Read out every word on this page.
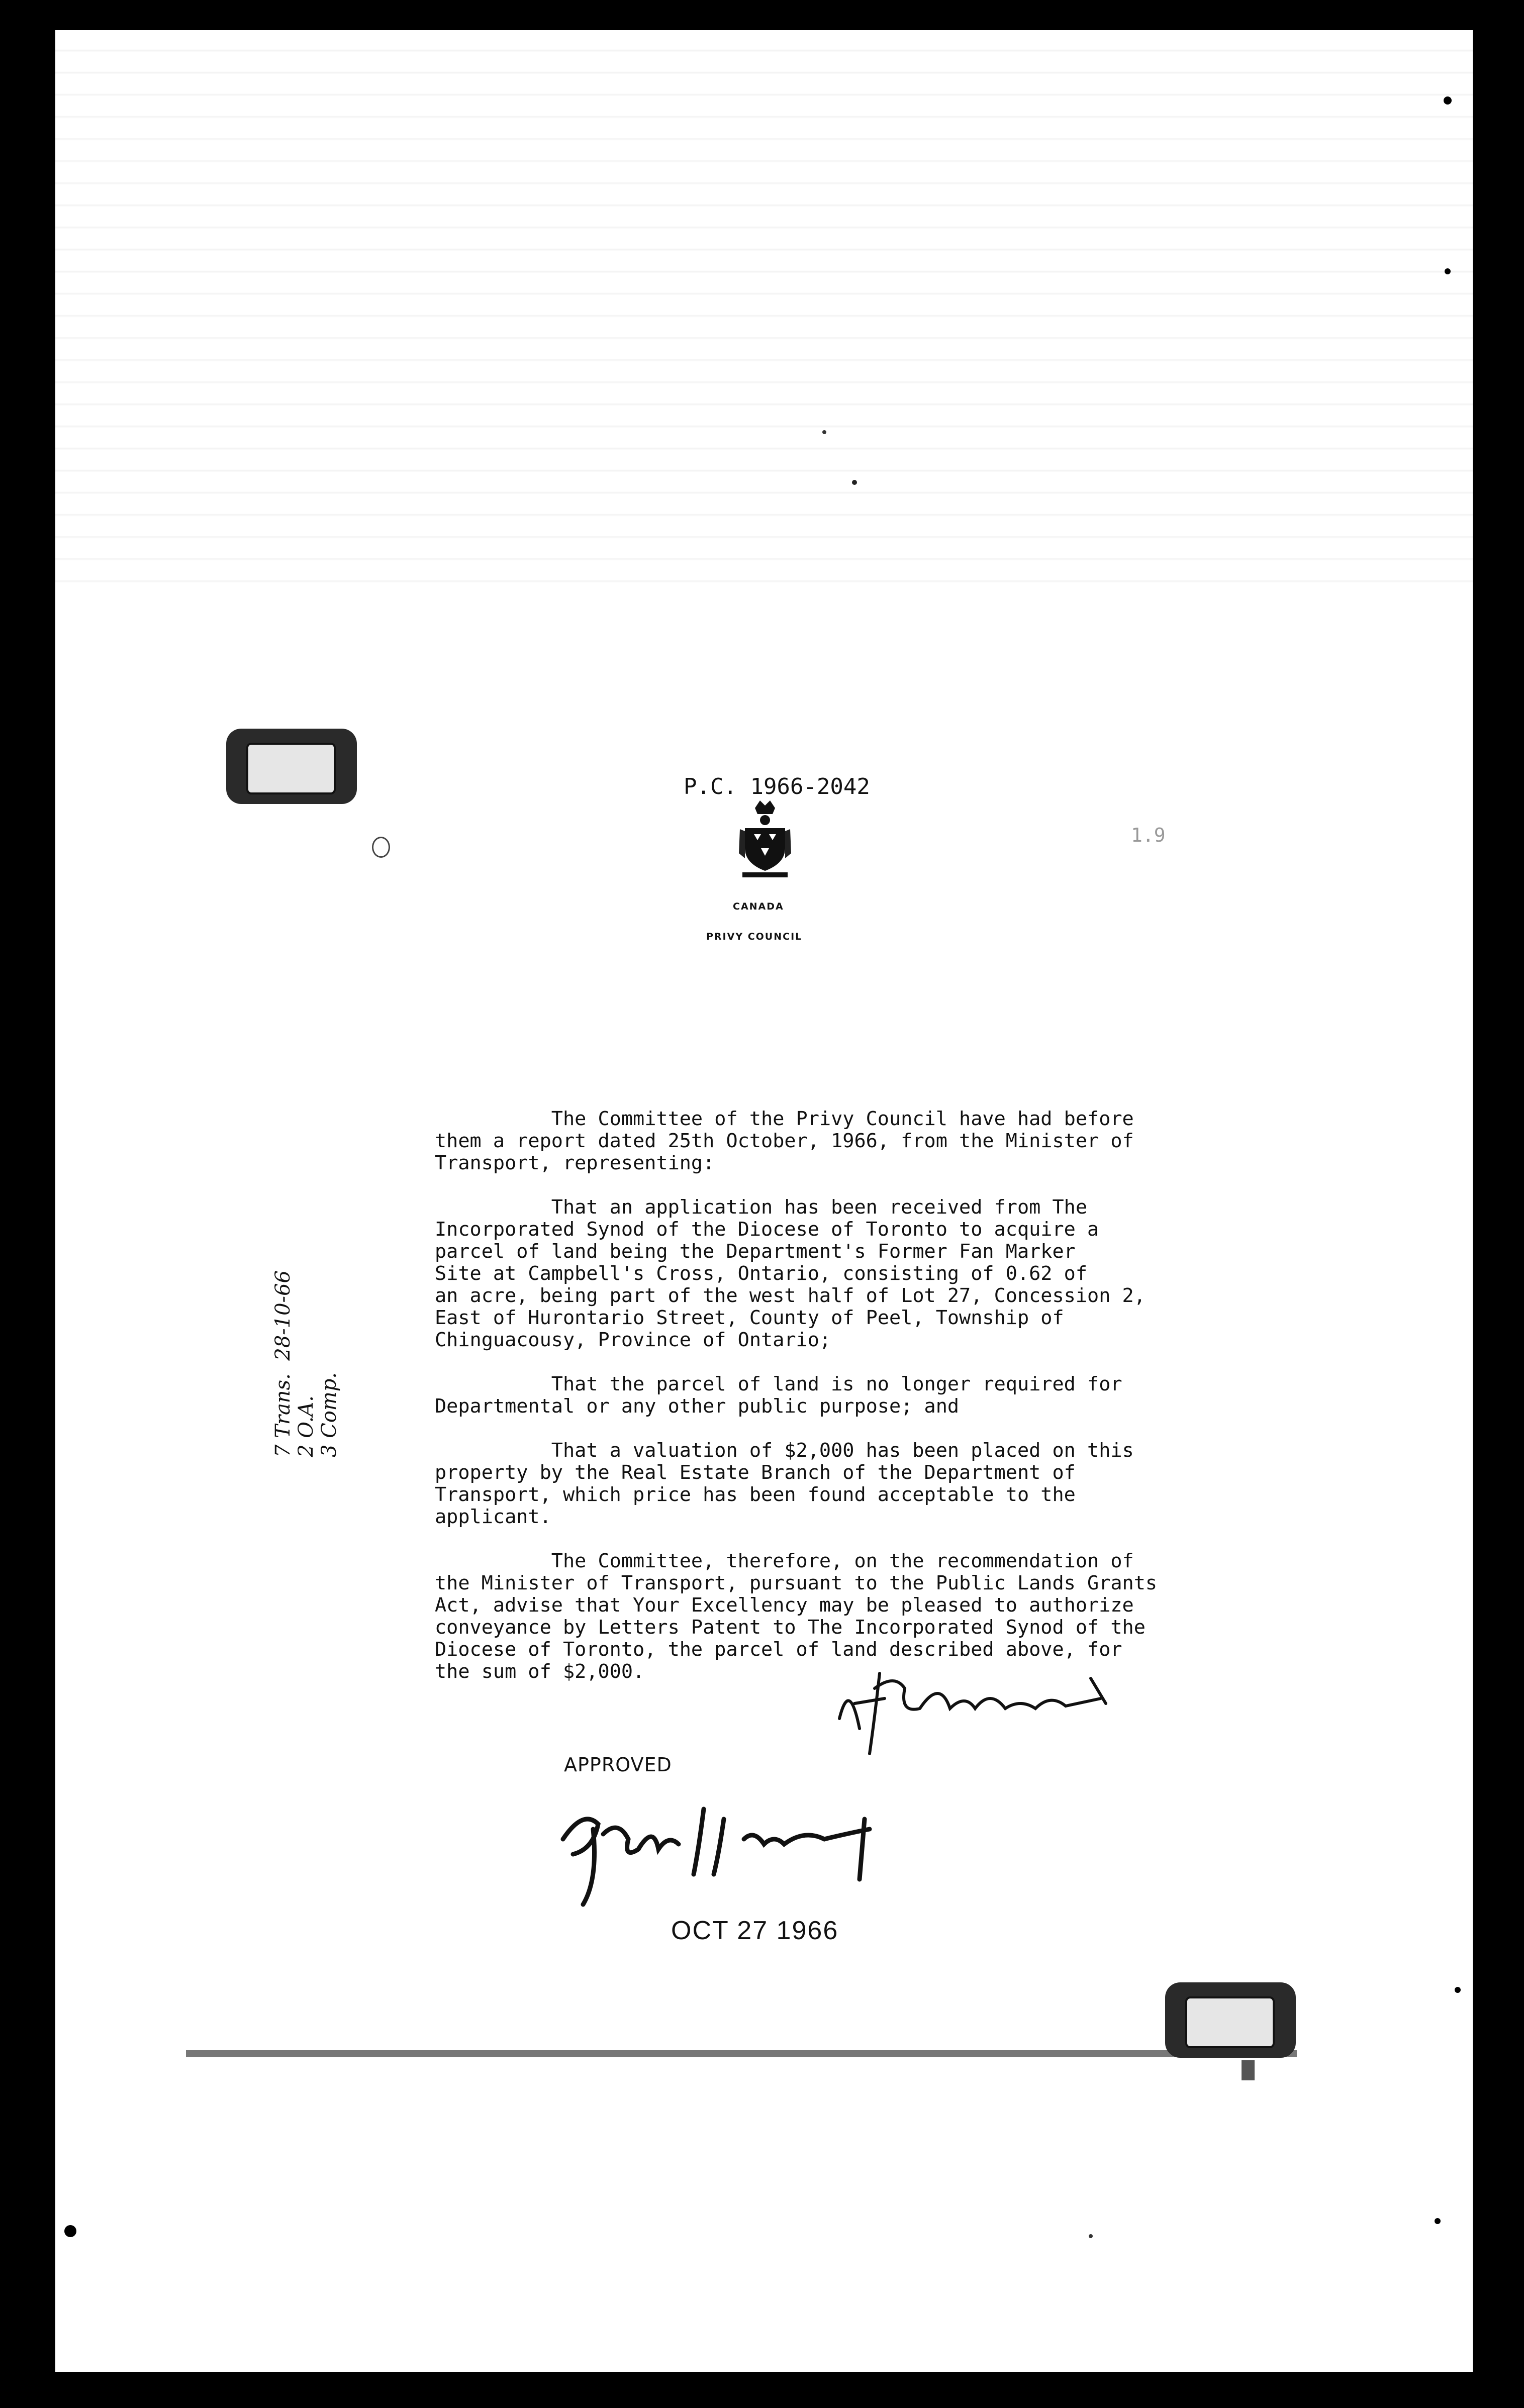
1.9
P.C. 1966-2042
CANADA
PRIVY COUNCIL
The Committee of the Privy Council have had before
them a report dated 25th October, 1966, from the Minister of
Transport, representing:

That an application has been received from The
Incorporated Synod of the Diocese of Toronto to acquire a
parcel of land being the Department's Former Fan Marker
Site at Campbell's Cross, Ontario, consisting of 0.62 of
an acre, being part of the west half of Lot 27, Concession 2,
East of Hurontario Street, County of Peel, Township of
Chinguacousy, Province of Ontario;

That the parcel of land is no longer required for
Departmental or any other public purpose; and

That a valuation of $2,000 has been placed on this
property by the Real Estate Branch of the Department of
Transport, which price has been found acceptable to the
applicant.

The Committee, therefore, on the recommendation of
the Minister of Transport, pursuant to the Public Lands Grants
Act, advise that Your Excellency may be pleased to authorize
conveyance by Letters Patent to The Incorporated Synod of the
Diocese of Toronto, the parcel of land described above, for
the sum of $2,000.
7 Trans.  28-10-66
2 O.A.
3 Comp.
APPROVED
OCT 27 1966
